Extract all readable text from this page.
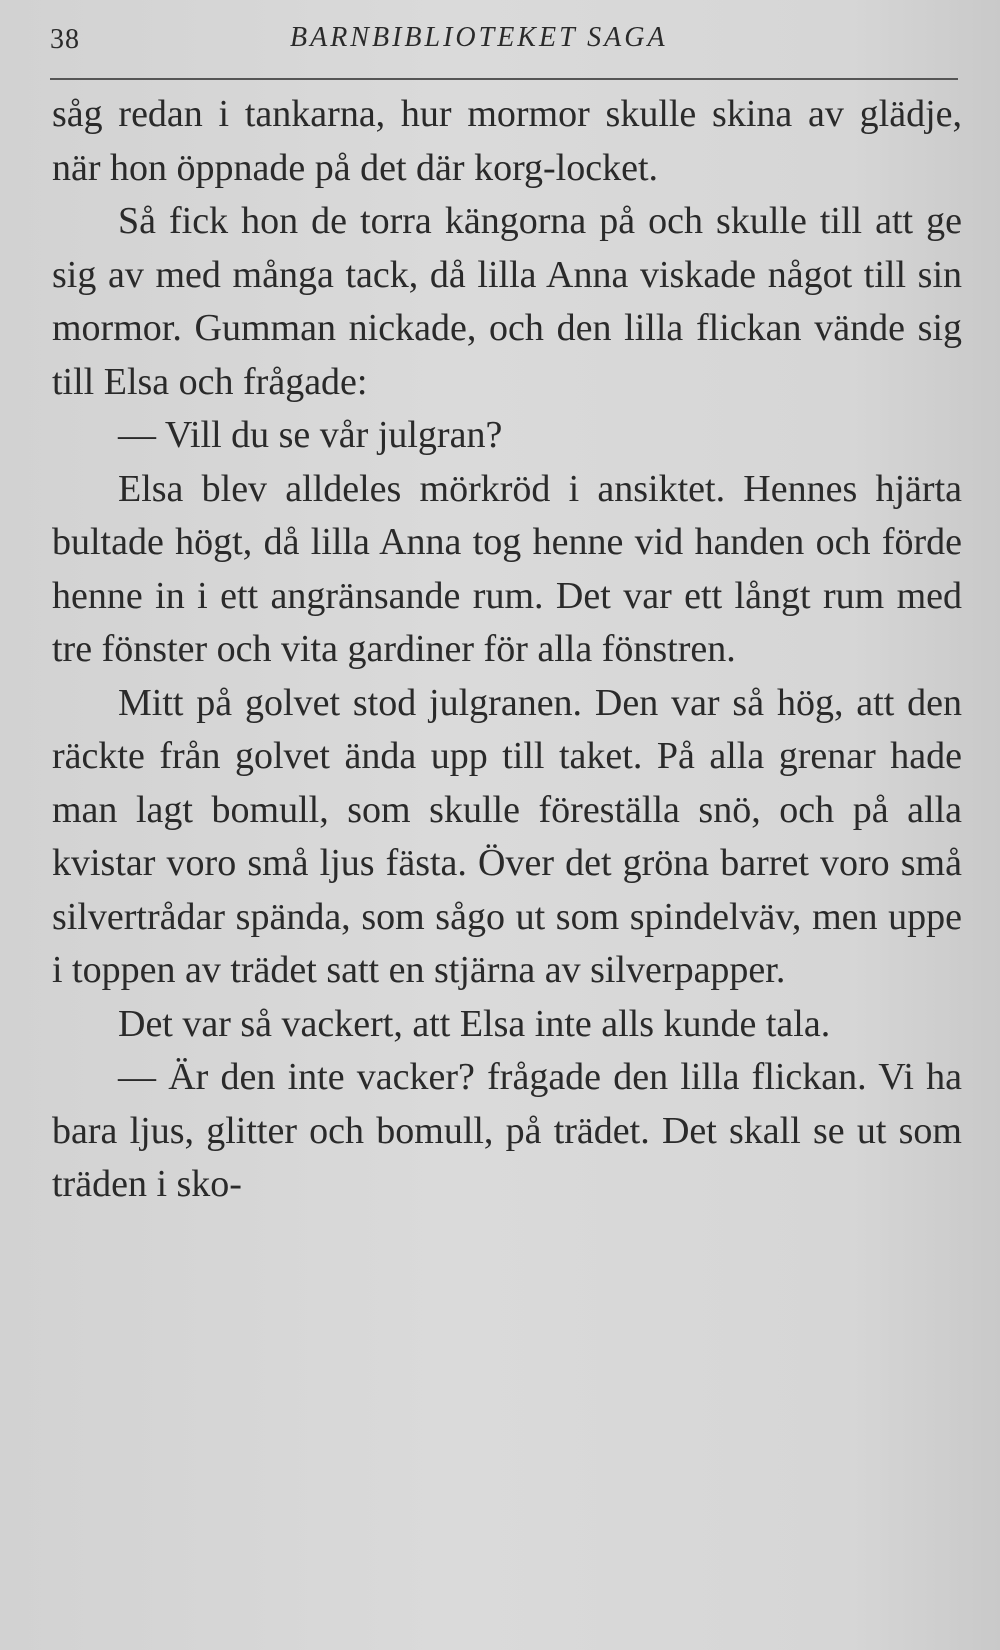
38	BARNBIBLIOTEKET SAGA

såg redan i tankarna, hur mormor skulle skina av glädje, när hon öppnade på det där korg-locket.

Så fick hon de torra kängorna på och skulle till att ge sig av med många tack, då lilla Anna viskade något till sin mormor. Gumman nickade, och den lilla flickan vände sig till Elsa och frågade:

— Vill du se vår julgran?

Elsa blev alldeles mörkröd i ansiktet. Hennes hjärta bultade högt, då lilla Anna tog henne vid handen och förde henne in i ett angränsande rum. Det var ett långt rum med tre fönster och vita gardiner för alla fönstren.

Mitt på golvet stod julgranen. Den var så hög, att den räckte från golvet ända upp till taket. På alla grenar hade man lagt bomull, som skulle föreställa snö, och på alla kvistar voro små ljus fästa. Över det gröna barret voro små silvertrådar spända, som sågo ut som spindelväv, men uppe i toppen av trädet satt en stjärna av silverpapper.

Det var så vackert, att Elsa inte alls kunde tala.

— Är den inte vacker? frågade den lilla flickan. Vi ha bara ljus, glitter och bomull, på trädet. Det skall se ut som träden i sko-
